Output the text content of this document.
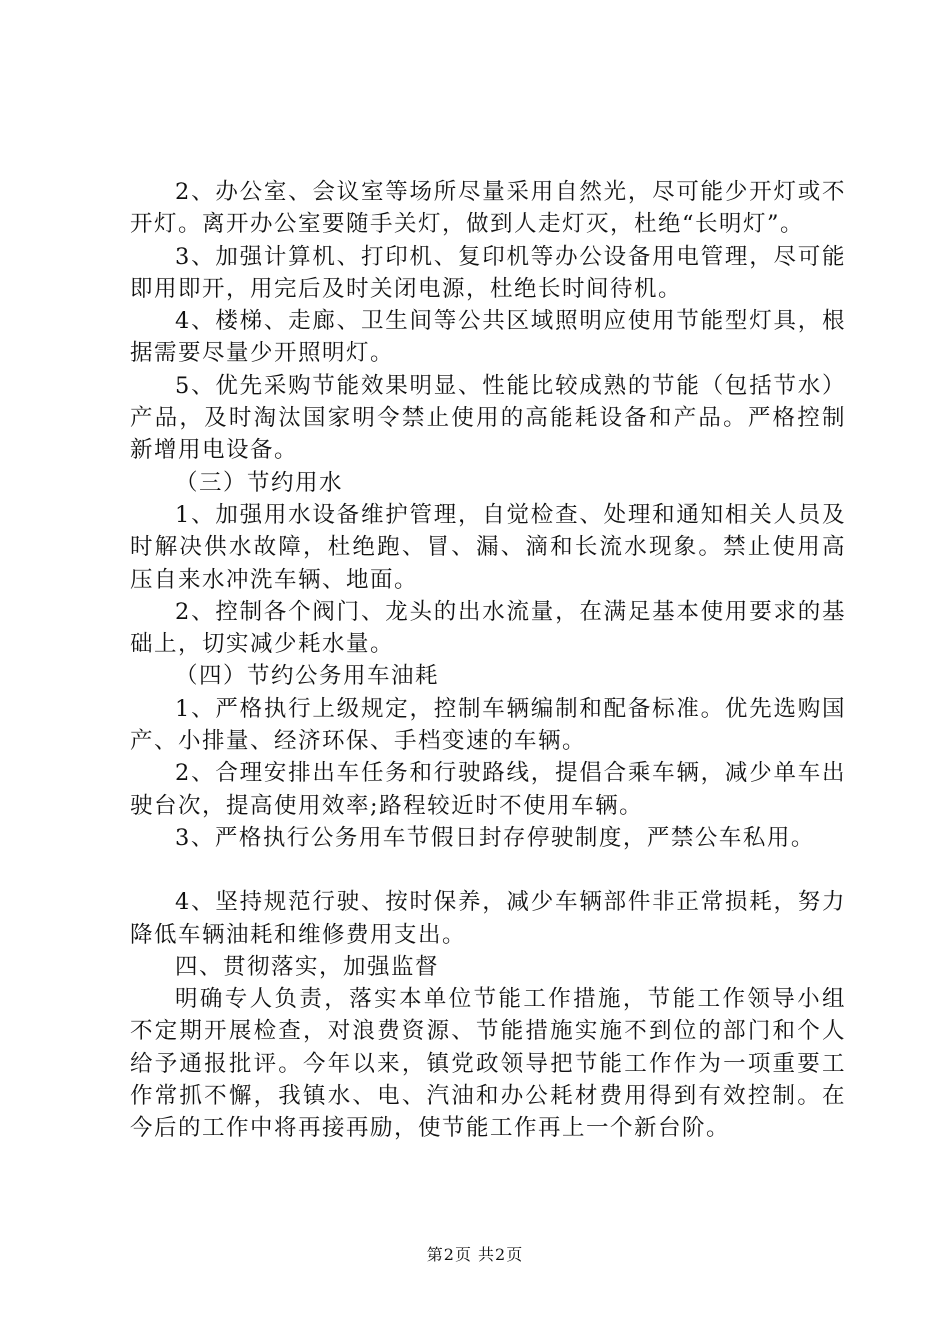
2、办公室、会议室等场所尽量采用自然光，尽可能少开灯或不开灯。离开办公室要随手关灯，做到人走灯灭，杜绝“长明灯”。

3、加强计算机、打印机、复印机等办公设备用电管理，尽可能即用即开，用完后及时关闭电源，杜绝长时间待机。

4、楼梯、走廊、卫生间等公共区域照明应使用节能型灯具，根据需要尽量少开照明灯。

5、优先采购节能效果明显、性能比较成熟的节能（包括节水）产品，及时淘汰国家明令禁止使用的高能耗设备和产品。严格控制新增用电设备。

（三）节约用水

1、加强用水设备维护管理，自觉检查、处理和通知相关人员及时解决供水故障，杜绝跑、冒、漏、滴和长流水现象。禁止使用高压自来水冲洗车辆、地面。

2、控制各个阀门、龙头的出水流量，在满足基本使用要求的基础上，切实减少耗水量。

（四）节约公务用车油耗

1、严格执行上级规定，控制车辆编制和配备标准。优先选购国产、小排量、经济环保、手档变速的车辆。

2、合理安排出车任务和行驶路线，提倡合乘车辆，减少单车出驶台次，提高使用效率;路程较近时不使用车辆。

3、严格执行公务用车节假日封存停驶制度，严禁公车私用。

4、坚持规范行驶、按时保养，减少车辆部件非正常损耗，努力降低车辆油耗和维修费用支出。

四、贯彻落实，加强监督

明确专人负责，落实本单位节能工作措施，节能工作领导小组不定期开展检查，对浪费资源、节能措施实施不到位的部门和个人给予通报批评。今年以来，镇党政领导把节能工作作为一项重要工作常抓不懈，我镇水、电、汽油和办公耗材费用得到有效控制。在今后的工作中将再接再励，使节能工作再上一个新台阶。

第2页 共2页
